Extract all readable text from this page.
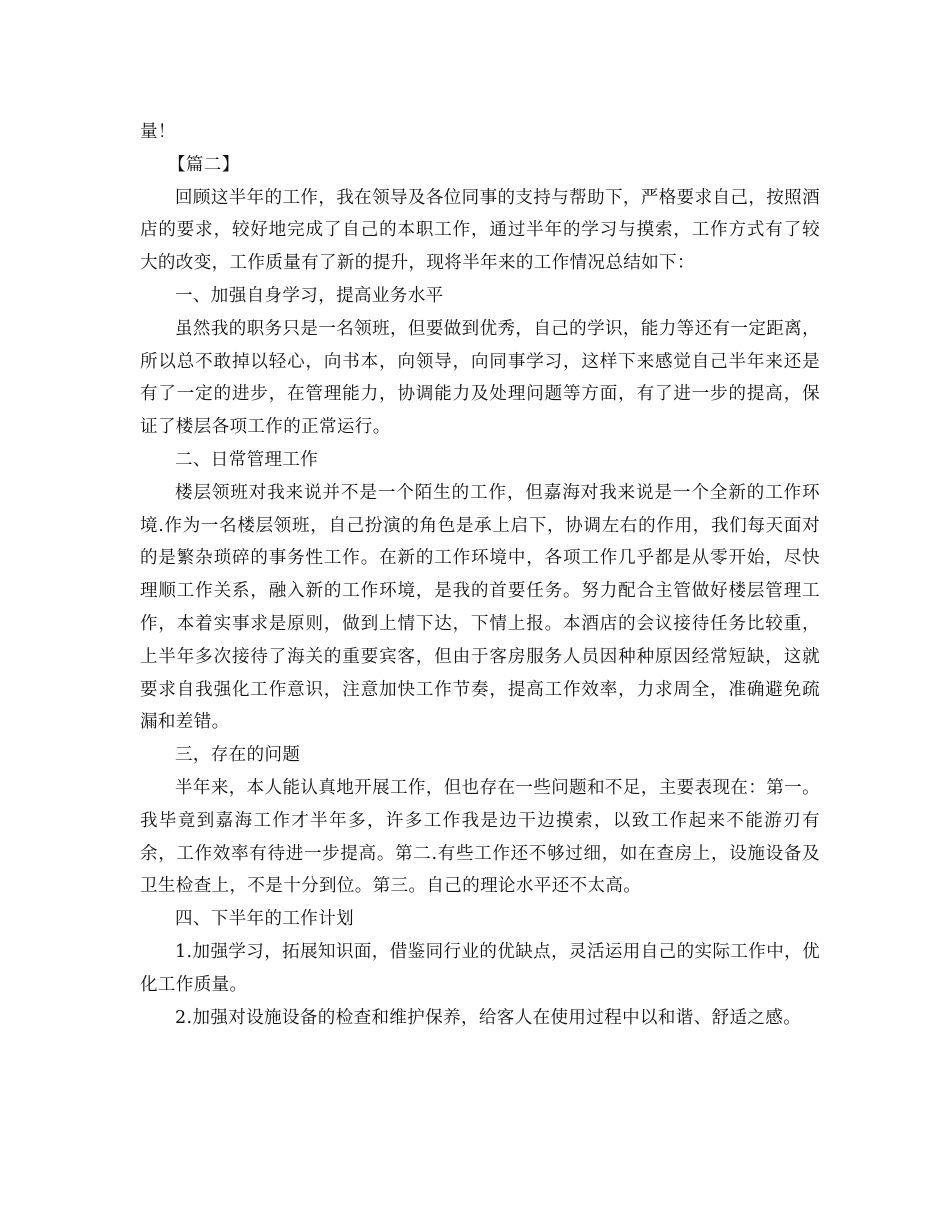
量！

【篇二】

回顾这半年的工作，我在领导及各位同事的支持与帮助下，严格要求自己，按照酒店的要求，较好地完成了自己的本职工作，通过半年的学习与摸索，工作方式有了较大的改变，工作质量有了新的提升，现将半年来的工作情况总结如下：

一、加强自身学习，提高业务水平

虽然我的职务只是一名领班，但要做到优秀，自己的学识，能力等还有一定距离，所以总不敢掉以轻心，向书本，向领导，向同事学习，这样下来感觉自己半年来还是有了一定的进步，在管理能力，协调能力及处理问题等方面，有了进一步的提高，保证了楼层各项工作的正常运行。

二、日常管理工作

楼层领班对我来说并不是一个陌生的工作，但嘉海对我来说是一个全新的工作环境.作为一名楼层领班，自己扮演的角色是承上启下，协调左右的作用，我们每天面对的是繁杂琐碎的事务性工作。在新的工作环境中，各项工作几乎都是从零开始，尽快理顺工作关系，融入新的工作环境，是我的首要任务。努力配合主管做好楼层管理工作，本着实事求是原则，做到上情下达，下情上报。本酒店的会议接待任务比较重，上半年多次接待了海关的重要宾客，但由于客房服务人员因种种原因经常短缺，这就要求自我强化工作意识，注意加快工作节奏，提高工作效率，力求周全，准确避免疏漏和差错。

三，存在的问题

半年来，本人能认真地开展工作，但也存在一些问题和不足，主要表现在：第一。我毕竟到嘉海工作才半年多，许多工作我是边干边摸索，以致工作起来不能游刃有余，工作效率有待进一步提高。第二.有些工作还不够过细，如在查房上，设施设备及卫生检查上，不是十分到位。第三。自己的理论水平还不太高。

四、下半年的工作计划

1.加强学习，拓展知识面，借鉴同行业的优缺点，灵活运用自己的实际工作中，优化工作质量。

2.加强对设施设备的检查和维护保养，给客人在使用过程中以和谐、舒适之感。
